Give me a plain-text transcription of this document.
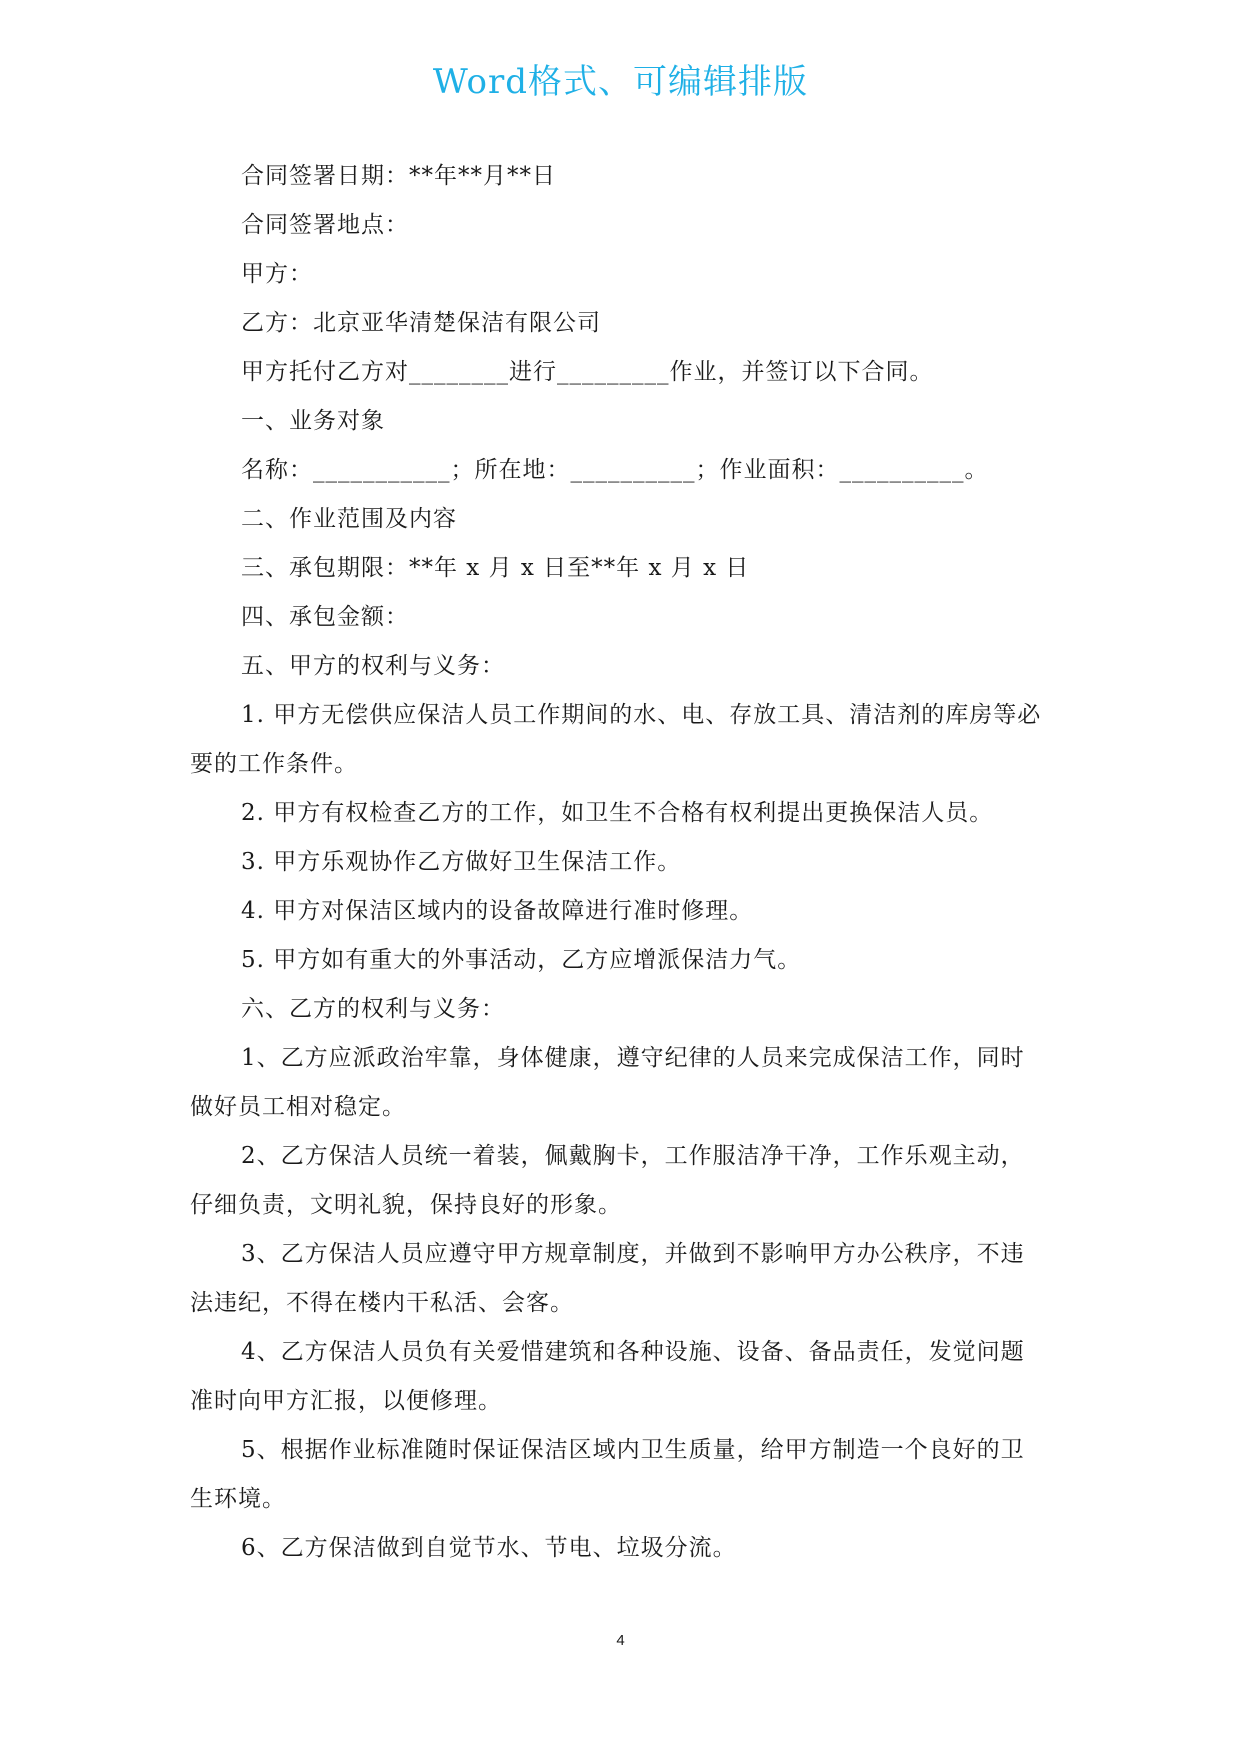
Word格式、可编辑排版
合同签署日期：**年**月**日
合同签署地点：
甲方：
乙方：北京亚华清楚保洁有限公司
甲方托付乙方对________进行_________作业，并签订以下合同。
一、业务对象
名称：___________；所在地：__________；作业面积：__________。
二、作业范围及内容
三、承包期限：**年 x 月 x 日至**年 x 月 x 日
四、承包金额：
五、甲方的权利与义务：
1. 甲方无偿供应保洁人员工作期间的水、电、存放工具、清洁剂的库房等必
要的工作条件。
2. 甲方有权检查乙方的工作，如卫生不合格有权利提出更换保洁人员。
3. 甲方乐观协作乙方做好卫生保洁工作。
4. 甲方对保洁区域内的设备故障进行准时修理。
5. 甲方如有重大的外事活动，乙方应增派保洁力气。
六、乙方的权利与义务：
1、乙方应派政治牢靠，身体健康，遵守纪律的人员来完成保洁工作，同时
做好员工相对稳定。
2、乙方保洁人员统一着装，佩戴胸卡，工作服洁净干净，工作乐观主动，
仔细负责，文明礼貌，保持良好的形象。
3、乙方保洁人员应遵守甲方规章制度，并做到不影响甲方办公秩序，不违
法违纪，不得在楼内干私活、会客。
4、乙方保洁人员负有关爱惜建筑和各种设施、设备、备品责任，发觉问题
准时向甲方汇报，以便修理。
5、根据作业标准随时保证保洁区域内卫生质量，给甲方制造一个良好的卫
生环境。
6、乙方保洁做到自觉节水、节电、垃圾分流。
4
